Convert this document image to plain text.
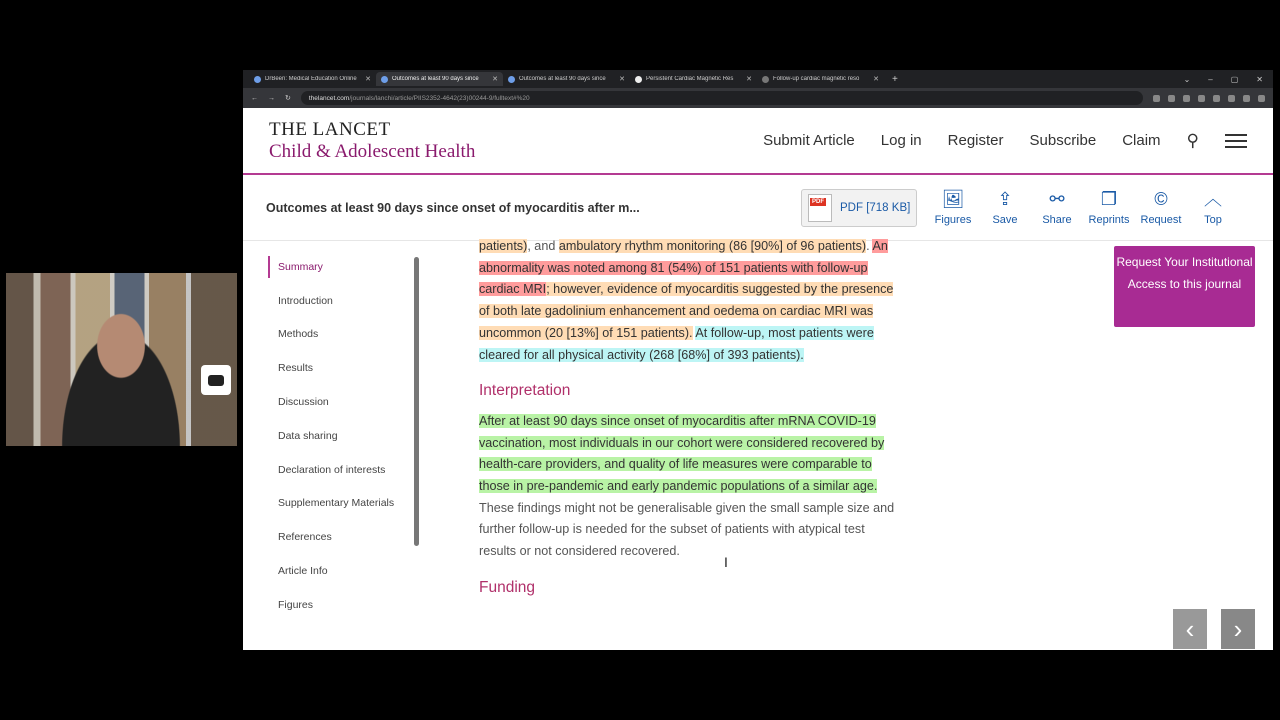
DrBeen: Medical Education Online	✕	Outcomes at least 90 days since	✕	Outcomes at least 90 days since	✕	Persistent Cardiac Magnetic Res	✕	Follow-up cardiac magnetic reso	✕ +	⌄ – ▢ ✕
← → ↻	thelancet.com /journals/lanchi/article/PIIS2352-4642(23)00244-9/fulltext#%20
THE LANCET
Child & Adolescent Health	Submit Article Log in Register Subscribe Claim ⚲
Outcomes at least 90 days since onset of myocarditis after m...
PDF	PDF [718 KB] 🖼
Figures
⇪
Save
⚯
Share
❐
Reprints
©
Request
︿
Top
Summary
Introduction
Methods
Results
Discussion
Data sharing
Declaration of interests
Supplementary Materials
References
Article Info
Figures

patients), and ambulatory rhythm monitoring (86 [90%] of 96 patients). An abnormality was noted among 81 (54%) of 151 patients with follow-up cardiac MRI; however, evidence of myocarditis suggested by the presence of both late gadolinium enhancement and oedema on cardiac MRI was uncommon (20 [13%] of 151 patients). At follow-up, most patients were cleared for all physical activity (268 [68%] of 393 patients).

Interpretation

After at least 90 days since onset of myocarditis after mRNA COVID-19 vaccination, most individuals in our cohort were considered recovered by health-care providers, and quality of life measures were comparable to those in pre-pandemic and early pandemic populations of a similar age. These findings might not be generalisable given the small sample size and further follow-up is needed for the subset of patients with atypical test results or not considered recovered.

Funding
Request Your Institutional Access to this journal
‹ ›
I
